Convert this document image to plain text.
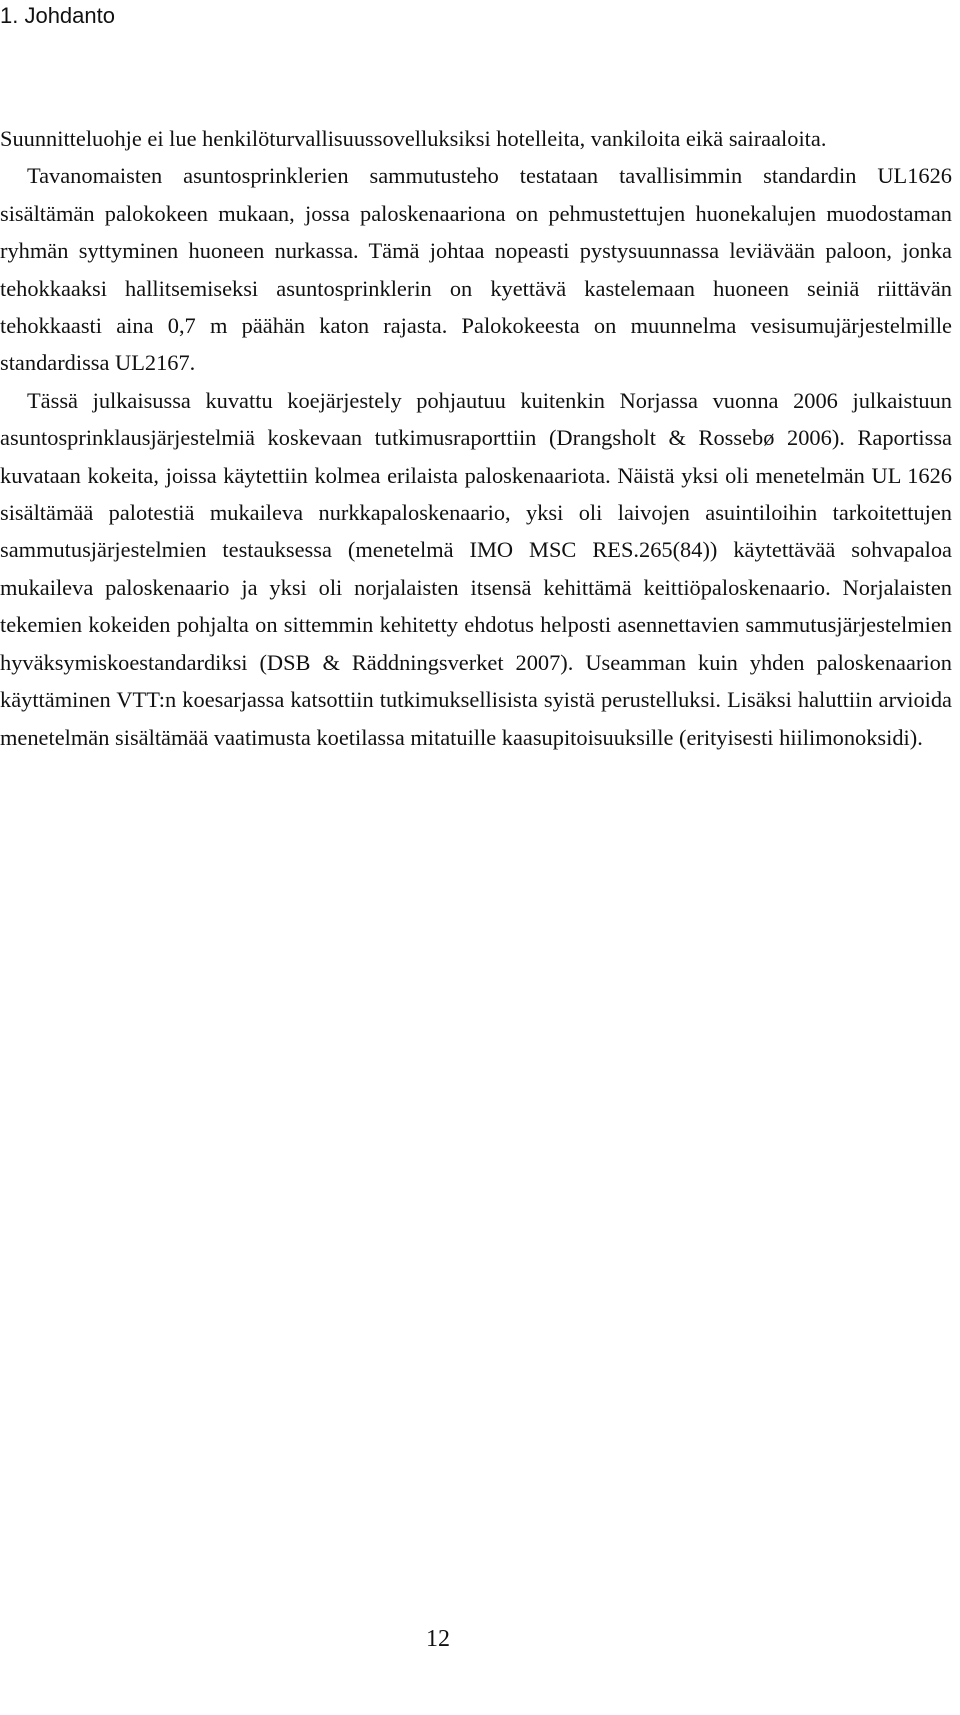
1. Johdanto

Suunnitteluohje ei lue henkilöturvallisuussovelluksiksi hotelleita, vankiloita eikä sairaaloita.

Tavanomaisten asuntosprinklerien sammutusteho testataan tavallisimmin standardin UL1626 sisältämän palokokeen mukaan, jossa paloskenaariona on pehmustettujen huonekalujen muodostaman ryhmän syttyminen huoneen nurkassa. Tämä johtaa nopeasti pystysuunnassa leviävään paloon, jonka tehokkaaksi hallitsemiseksi asuntosprinklerin on kyettävä kastelemaan huoneen seiniä riittävän tehokkaasti aina 0,7 m päähän katon rajasta. Palokokeesta on muunnelma vesisumujärjestelmille standardissa UL2167.

Tässä julkaisussa kuvattu koejärjestely pohjautuu kuitenkin Norjassa vuonna 2006 julkaistuun asuntosprinklausjärjestelmiä koskevaan tutkimusraporttiin (Drangsholt & Rossebø 2006). Raportissa kuvataan kokeita, joissa käytettiin kolmea erilaista paloskenaariota. Näistä yksi oli menetelmän UL 1626 sisältämää palotestiä mukaileva nurkkapaloskenaario, yksi oli laivojen asuintiloihin tarkoitettujen sammutusjärjestelmien testauksessa (menetelmä IMO MSC RES.265(84)) käytettävää sohvapaloa mukaileva paloskenaario ja yksi oli norjalaisten itsensä kehittämä keittiöpaloskenaario. Norjalaisten tekemien kokeiden pohjalta on sittemmin kehitetty ehdotus helposti asennettavien sammutusjärjestelmien hyväksymiskoestandardiksi (DSB & Räddningsverket 2007). Useamman kuin yhden paloskenaarion käyttäminen VTT:n koesarjassa katsottiin tutkimuksellisista syistä perustelluksi. Lisäksi haluttiin arvioida menetelmän sisältämää vaatimusta koetilassa mitatuille kaasupitoisuuksille (erityisesti hiilimonoksidi).

12
